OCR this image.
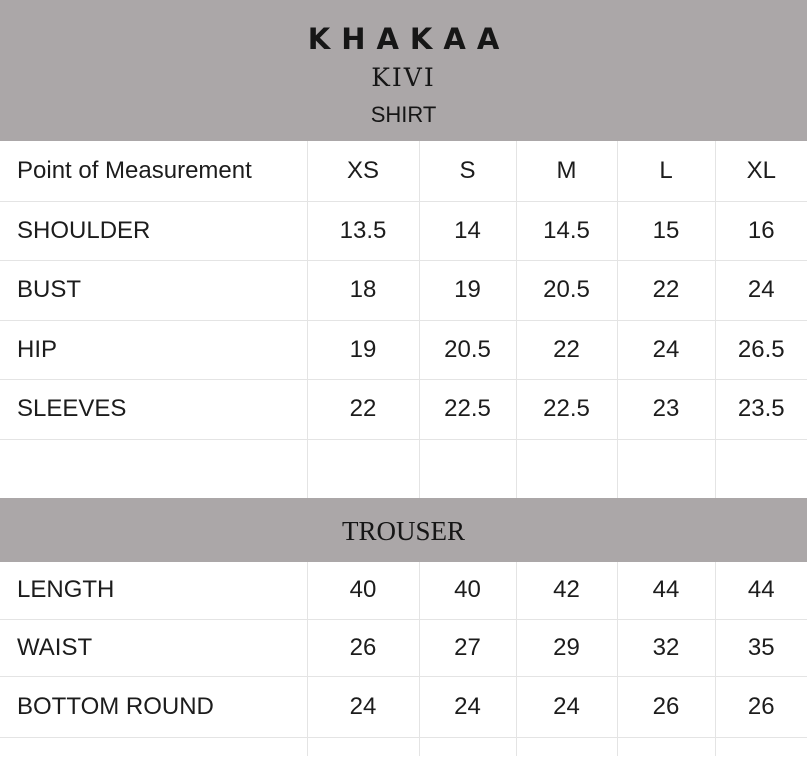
KHAKAA
KIVI
SHIRT
Point of Measurement	XS	S	M	L	XL
SHOULDER	13.5	14	14.5	15	16
BUST	18	19	20.5	22	24
HIP	19	20.5	22	24	26.5
SLEEVES	22	22.5	22.5	23	23.5

TROUSER
LENGTH	40	40	42	44	44
WAIST	26	27	29	32	35
BOTTOM ROUND	24	24	24	26	26
